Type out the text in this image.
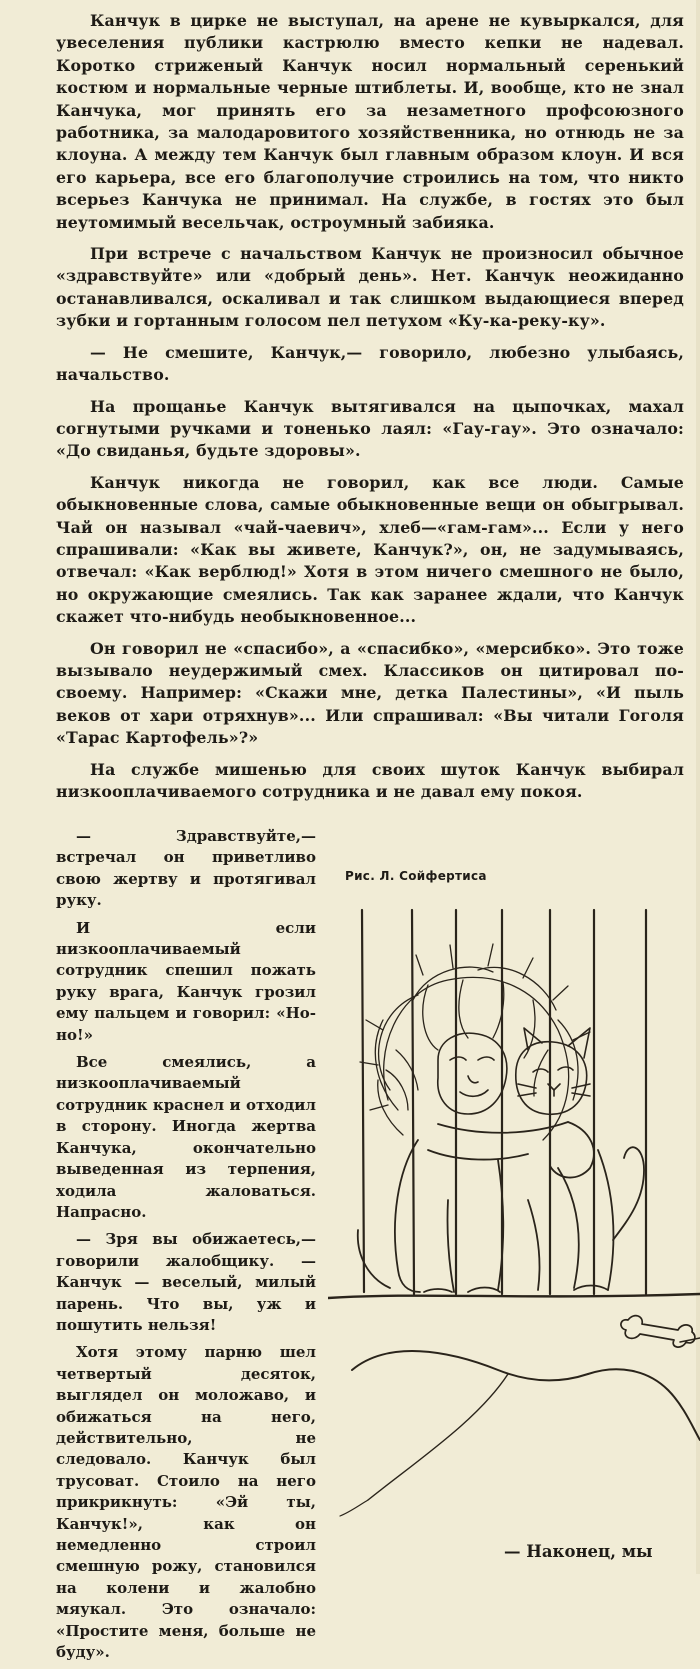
Канчук в цирке не выступал, на арене не кувыркался, для увеселения публики кастрюлю вместо кепки не надевал. Коротко стриженый Канчук носил нормальный серенький костюм и нормальные черные штиблеты. И, вообще, кто не знал Канчука, мог принять его за незаметного профсоюзного работника, за малодаровитого хозяйственника, но отнюдь не за клоуна. А между тем Канчук был главным образом клоун. И вся его карьера, все его благополучие строились на том, что никто всерьез Канчука не принимал. На службе, в гостях это был неутомимый весельчак, остроумный забияка.

При встрече с начальством Канчук не произносил обычное «здравствуйте» или «добрый день». Нет. Канчук неожиданно останавливался, оскаливал и так слишком выдающиеся вперед зубки и гортанным голосом пел петухом «Ку-ка-реку-ку».

— Не смешите, Канчук,— говорило, любезно улыбаясь, начальство.

На прощанье Канчук вытягивался на цыпочках, махал согнутыми ручками и тоненько лаял: «Гау-гау». Это означало: «До свиданья, будьте здоровы».

Канчук никогда не говорил, как все люди. Самые обыкновенные слова, самые обыкновенные вещи он обыгрывал. Чай он называл «чай-чаевич», хлеб—«гам-гам»... Если у него спрашивали: «Как вы живете, Канчук?», он, не задумываясь, отвечал: «Как верблюд!» Хотя в этом ничего смешного не было, но окружающие смеялись. Так как заранее ждали, что Канчук скажет что-нибудь необыкновенное...

Он говорил не «спасибо», а «спасибко», «мерсибко». Это тоже вызывало неудержимый смех. Классиков он цитировал по-своему. Например: «Скажи мне, детка Палестины», «И пыль веков от хари отряхнув»... Или спрашивал: «Вы читали Гоголя «Тарас Картофель»?»

На службе мишенью для своих шуток Канчук выбирал низкооплачиваемого сотрудника и не давал ему покоя.

— Здравствуйте,— встречал он приветливо свою жертву и протягивал руку.

И если низкооплачиваемый сотрудник спешил пожать руку врага, Канчук грозил ему пальцем и говорил: «Но-но!»

Все смеялись, а низкооплачиваемый сотрудник краснел и отходил в сторону. Иногда жертва Канчука, окончательно выведенная из терпения, ходила жаловаться. Напрасно.

— Зря вы обижаетесь,— говорили жалобщику. — Канчук — веселый, милый парень. Что вы, уж и пошутить нельзя!

Хотя этому парню шел четвертый десяток, выглядел он моложаво, и обижаться на него, действительно, не следовало. Канчук был трусоват. Стоило на него прикрикнуть: «Эй ты, Канчук!», как он немедленно строил смешную рожу, становился на колени и жалобно мяукал. Это означало: «Простите меня, больше не буду».

Рис. Л. Сойфертиса
— Наконец, мы
